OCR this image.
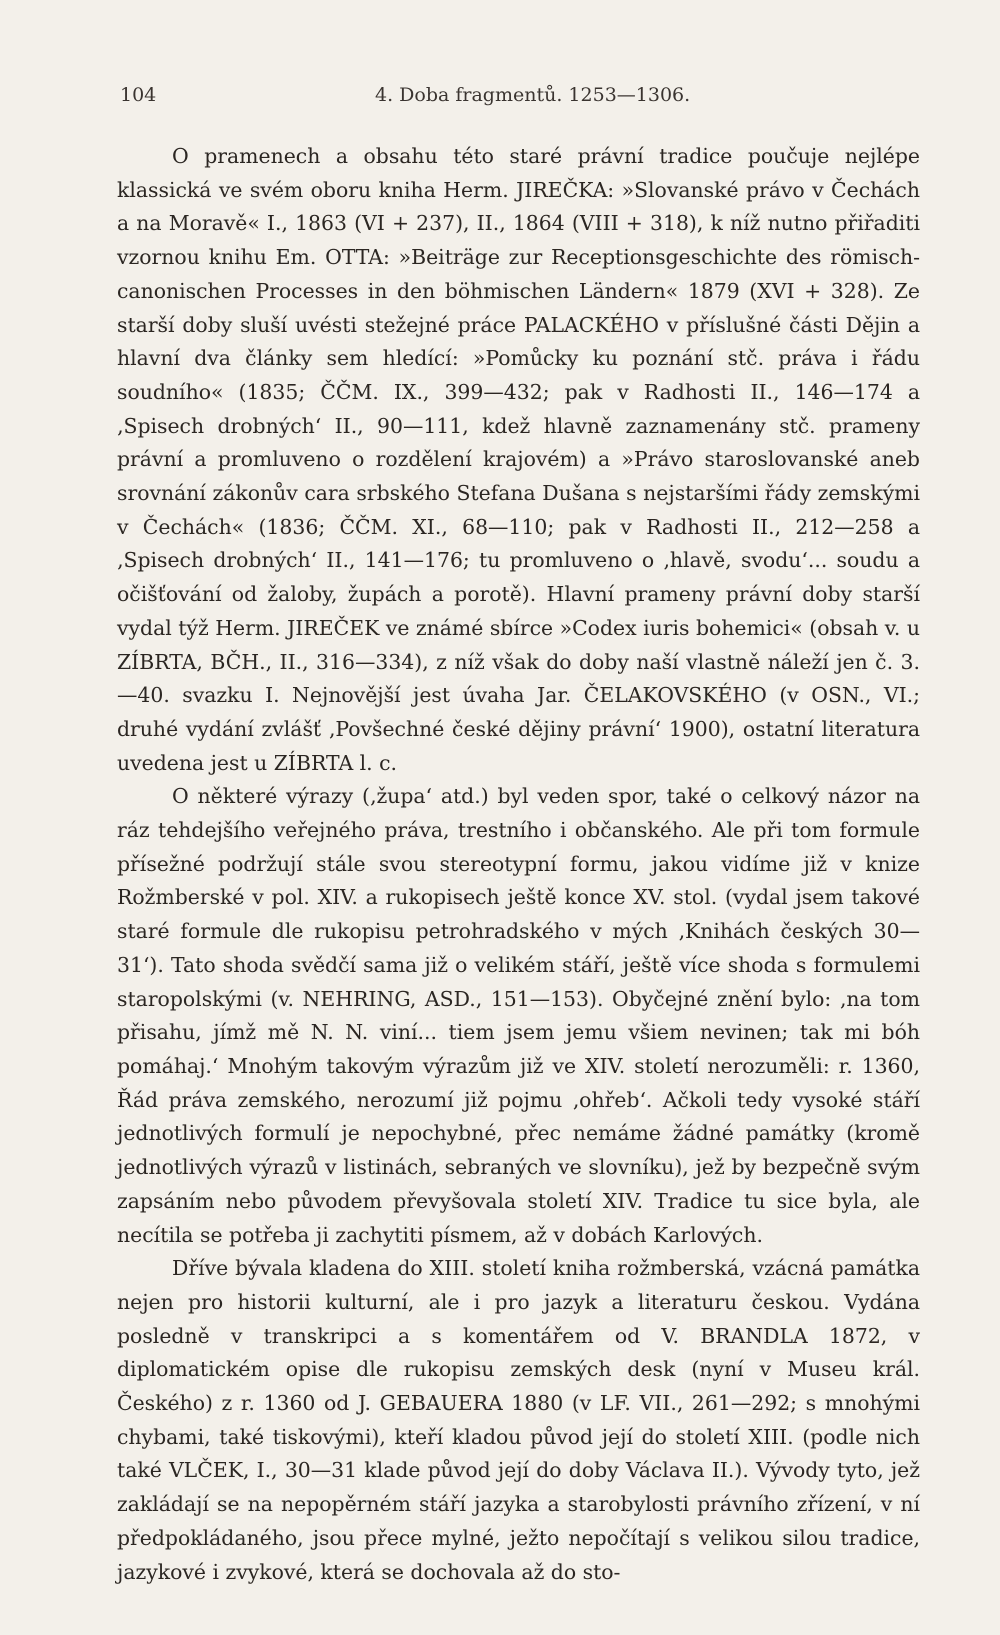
104	4. Doba fragmentů. 1253—1306.

O pramenech a obsahu této staré právní tradice poučuje nejlépe klassická ve svém oboru kniha Herm. JIREČKA: »Slovanské právo v Čechách a na Moravě« I., 1863 (VI + 237), II., 1864 (VIII + 318), k níž nutno přiřaditi vzornou knihu Em. OTTA: »Beiträge zur Receptionsgeschichte des römisch-canonischen Processes in den böhmischen Ländern« 1879 (XVI + 328). Ze starší doby sluší uvésti stežejné práce PALACKÉHO v příslušné části Dějin a hlavní dva články sem hledící: »Pomůcky ku poznání stč. práva i řádu soudního« (1835; ČČM. IX., 399—432; pak v Radhosti II., 146—174 a ‚Spisech drobných‘ II., 90—111, kdež hlavně zaznamenány stč. prameny právní a promluveno o rozdělení krajovém) a »Právo staroslovanské aneb srovnání zákonův cara srbského Stefana Dušana s nejstaršími řády zemskými v Čechách« (1836; ČČM. XI., 68—110; pak v Radhosti II., 212—258 a ‚Spisech drobných‘ II., 141—176; tu promluveno o ‚hlavě, svodu‘... soudu a očišťování od žaloby, župách a porotě). Hlavní prameny právní doby starší vydal týž Herm. JIREČEK ve známé sbírce »Codex iuris bohemici« (obsah v. u ZÍBRTA, BČH., II., 316—334), z níž však do doby naší vlastně náleží jen č. 3.—40. svazku I. Nejnovější jest úvaha Jar. ČELAKOVSKÉHO (v OSN., VI.; druhé vydání zvlášť ‚Povšechné české dějiny právní‘ 1900), ostatní literatura uvedena jest u ZÍBRTA l. c.

O některé výrazy (‚župa‘ atd.) byl veden spor, také o celkový názor na ráz tehdejšího veřejného práva, trestního i občanského. Ale při tom formule přísežné podržují stále svou stereotypní formu, jakou vidíme již v knize Rožmberské v pol. XIV. a rukopisech ještě konce XV. stol. (vydal jsem takové staré formule dle rukopisu petrohradského v mých ‚Knihách českých 30—31‘). Tato shoda svědčí sama již o velikém stáří, ještě více shoda s formulemi staropolskými (v. NEHRING, ASD., 151—153). Obyčejné znění bylo: ‚na tom přisahu, jímž mě N. N. viní... tiem jsem jemu všiem nevinen; tak mi bóh pomáhaj.‘ Mnohým takovým výrazům již ve XIV. století nerozuměli: r. 1360, Řád práva zemského, nerozumí již pojmu ‚ohřeb‘. Ačkoli tedy vysoké stáří jednotlivých formulí je nepochybné, přec nemáme žádné památky (kromě jednotlivých výrazů v listinách, sebraných ve slovníku), jež by bezpečně svým zapsáním nebo původem převyšovala století XIV. Tradice tu sice byla, ale necítila se potřeba ji zachytiti písmem, až v dobách Karlových.

Dříve bývala kladena do XIII. století kniha rožmberská, vzácná památka nejen pro historii kulturní, ale i pro jazyk a literaturu českou. Vydána posledně v transkripci a s komentářem od V. BRANDLA 1872, v diplomatickém opise dle rukopisu zemských desk (nyní v Museu král. Českého) z r. 1360 od J. GEBAUERA 1880 (v LF. VII., 261—292; s mnohými chybami, také tiskovými), kteří kladou původ její do století XIII. (podle nich také VLČEK, I., 30—31 klade původ její do doby Václava II.). Vývody tyto, jež zakládají se na nepopěrném stáří jazyka a starobylosti právního zřízení, v ní předpokládaného, jsou přece mylné, ježto nepočítají s velikou silou tradice, jazykové i zvykové, která se dochovala až do sto-
